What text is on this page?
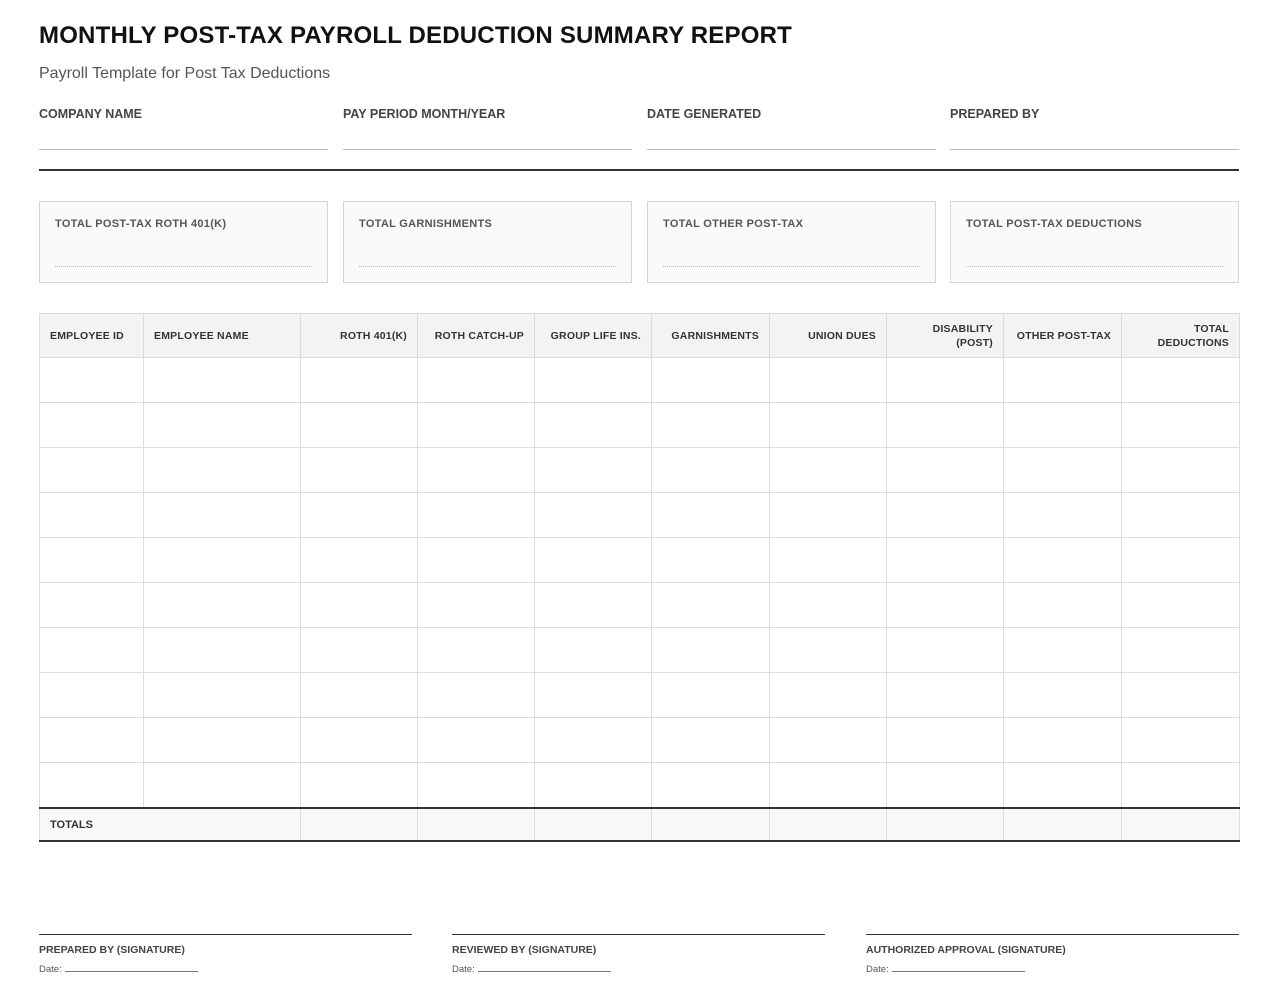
MONTHLY POST-TAX PAYROLL DEDUCTION SUMMARY REPORT
Payroll Template for Post Tax Deductions
COMPANY NAME	PAY PERIOD MONTH/YEAR	DATE GENERATED	PREPARED BY
TOTAL POST-TAX ROTH 401(K)	TOTAL GARNISHMENTS	TOTAL OTHER POST-TAX	TOTAL POST-TAX DEDUCTIONS
EMPLOYEE ID	EMPLOYEE NAME	ROTH 401(K)	ROTH CATCH-UP	GROUP LIFE INS.	GARNISHMENTS	UNION DUES	DISABILITY (POST)	OTHER POST-TAX	TOTAL DEDUCTIONS

TOTALS									
PREPARED BY (SIGNATURE)
Date:
REVIEWED BY (SIGNATURE)
Date:
AUTHORIZED APPROVAL (SIGNATURE)
Date:
